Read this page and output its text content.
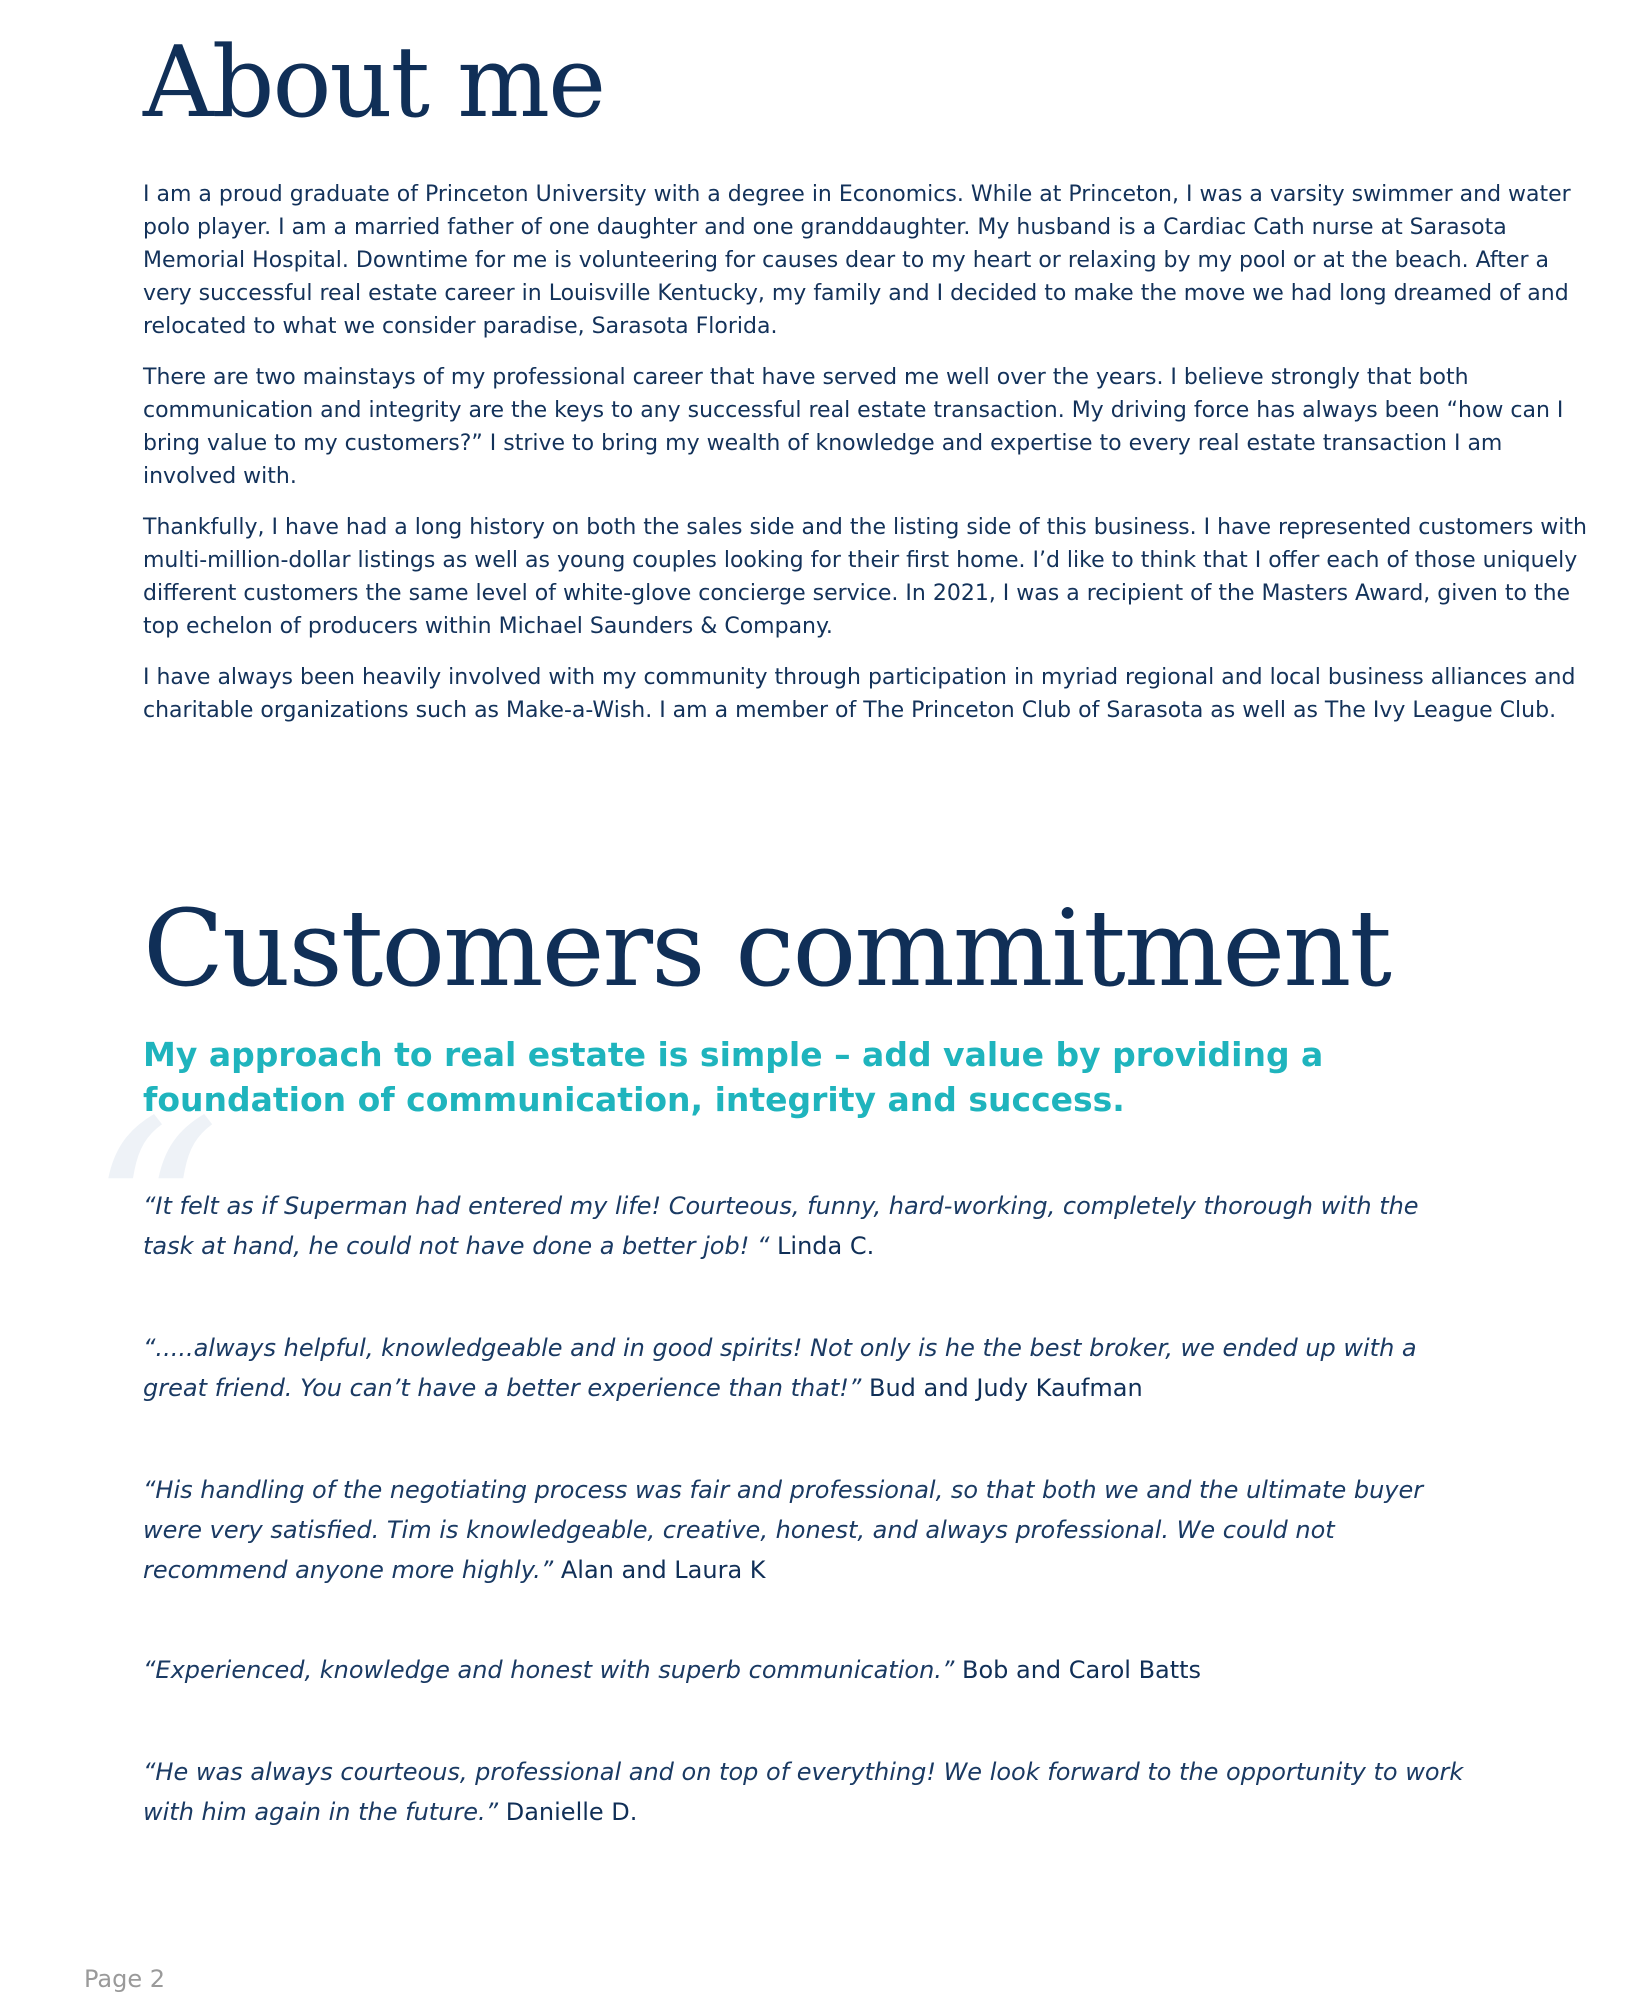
“
About me

I am a proud graduate of Princeton University with a degree in Economics. While at Princeton, I was a varsity swimmer and water polo player. I am a married father of one daughter and one granddaughter. My husband is a Cardiac Cath nurse at Sarasota Memorial Hospital. Downtime for me is volunteering for causes dear to my heart or relaxing by my pool or at the beach. After a very successful real estate career in Louisville Kentucky, my family and I decided to make the move we had long dreamed of and relocated to what we consider paradise, Sarasota Florida.

There are two mainstays of my professional career that have served me well over the years. I believe strongly that both communication and integrity are the keys to any successful real estate transaction. My driving force has always been “how can I bring value to my customers?” I strive to bring my wealth of knowledge and expertise to every real estate transaction I am involved with.

Thankfully, I have had a long history on both the sales side and the listing side of this business. I have represented customers with multi-million-dollar listings as well as young couples looking for their first home. I’d like to think that I offer each of those uniquely different customers the same level of white-glove concierge service. In 2021, I was a recipient of the Masters Award, given to the top echelon of producers within Michael Saunders & Company.

I have always been heavily involved with my community through participation in myriad regional and local business alliances and charitable organizations such as Make-a-Wish. I am a member of The Princeton Club of Sarasota as well as The Ivy League Club.

Customers commitment

My approach to real estate is simple – add value by providing a foundation of communication, integrity and success.

“It felt as if Superman had entered my life! Courteous, funny, hard-working, completely thorough with the task at hand, he could not have done a better job! “ Linda C.

“.....always helpful, knowledgeable and in good spirits! Not only is he the best broker, we ended up with a great friend. You can’t have a better experience than that!” Bud and Judy Kaufman

“His handling of the negotiating process was fair and professional, so that both we and the ultimate buyer were very satisfied. Tim is knowledgeable, creative, honest, and always professional. We could not recommend anyone more highly.” Alan and Laura K

“Experienced, knowledge and honest with superb communication.” Bob and Carol Batts

“He was always courteous, professional and on top of everything! We look forward to the opportunity to work with him again in the future.” Danielle D.

Page 2
